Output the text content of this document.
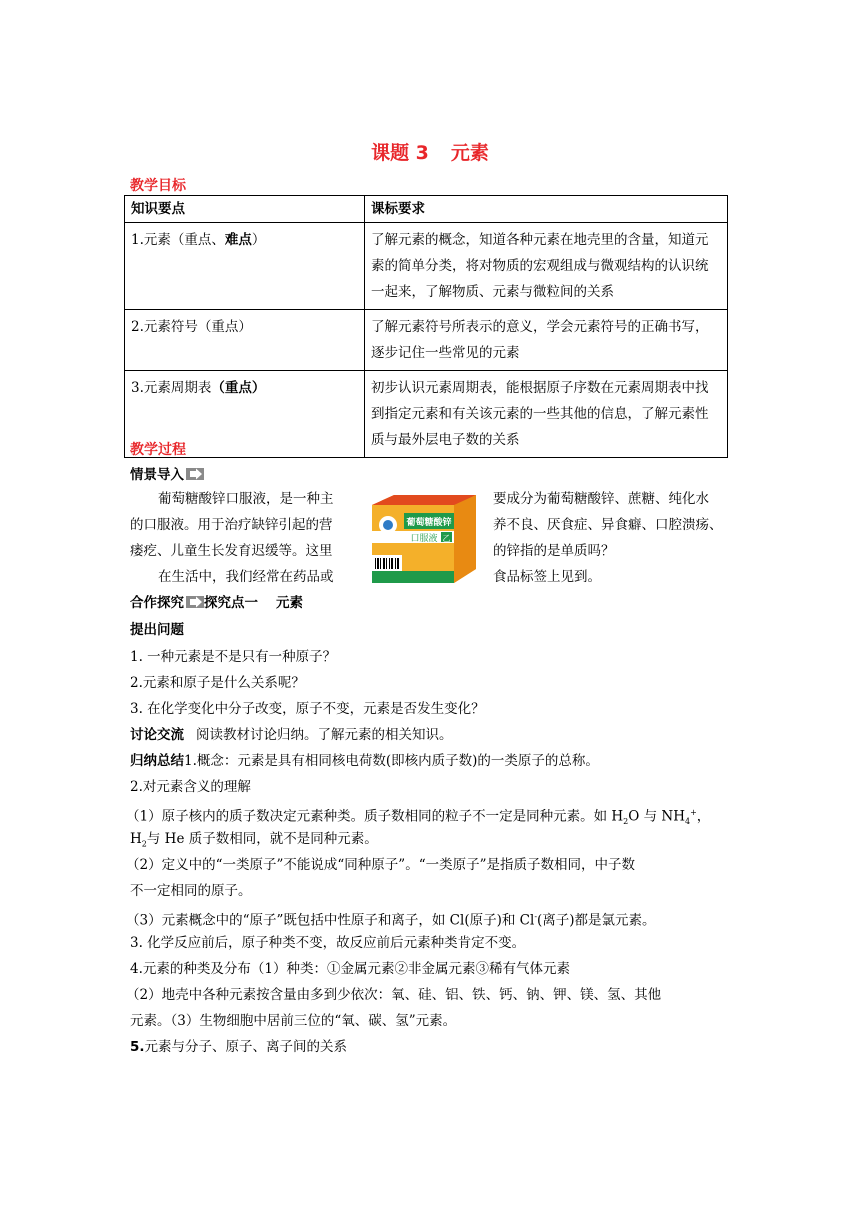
课题 3 元素
教学目标
知识要点	课标要求
1.元素（重点、难点）	了解元素的概念，知道各种元素在地壳里的含量，知道元素的简单分类，将对物质的宏观组成与微观结构的认识统一起来，了解物质、元素与微粒间的关系
2.元素符号（重点）	了解元素符号所表示的意义，学会元素符号的正确书写，逐步记住一些常见的元素
3.元素周期表（重点）	初步认识元素周期表，能根据原子序数在元素周期表中找到指定元素和有关该元素的一些其他的信息，了解元素性质与最外层电子数的关系
教学过程
情景导入
葡萄糖酸锌口服液，是一种主
的口服液。用于治疗缺锌引起的营
瘘疙、儿童生长发育迟缓等。这里
在生活中，我们经常在药品或
要成分为葡萄糖酸锌、蔗糖、纯化水
养不良、厌食症、异食癖、口腔溃疡、
的锌指的是单质吗？
食品标签上见到。
葡萄糖酸锌
口服液 乙
合作探究 探究点一 元素
提出问题
1. 一种元素是不是只有一种原子？
2.元素和原子是什么关系呢？
3. 在化学变化中分子改变，原子不变，元素是否发生变化？
讨论交流 阅读教材讨论归纳。了解元素的相关知识。
归纳总结1.概念：元素是具有相同核电荷数(即核内质子数)的一类原子的总称。
2.对元素含义的理解
（1）原子核内的质子数决定元素种类。质子数相同的粒子不一定是同种元素。如 $H_2O$ 与 $NH_4^+$，
$H_2$与 He 质子数相同，就不是同种元素。
（2）定义中的“一类原子”不能说成“同种原子”。“一类原子”是指质子数相同，中子数
不一定相同的原子。
（3）元素概念中的“原子”既包括中性原子和离子，如 Cl(原子)和 Cl-(离子)都是氯元素。
3. 化学反应前后，原子种类不变，故反应前后元素种类肯定不变。
4.元素的种类及分布（1）种类：①金属元素②非金属元素③稀有气体元素
（2）地壳中各种元素按含量由多到少依次：氧、硅、铝、铁、钙、钠、钾、镁、氢、其他
元素。（3）生物细胞中居前三位的“氧、碳、氢”元素。
5.元素与分子、原子、离子间的关系
